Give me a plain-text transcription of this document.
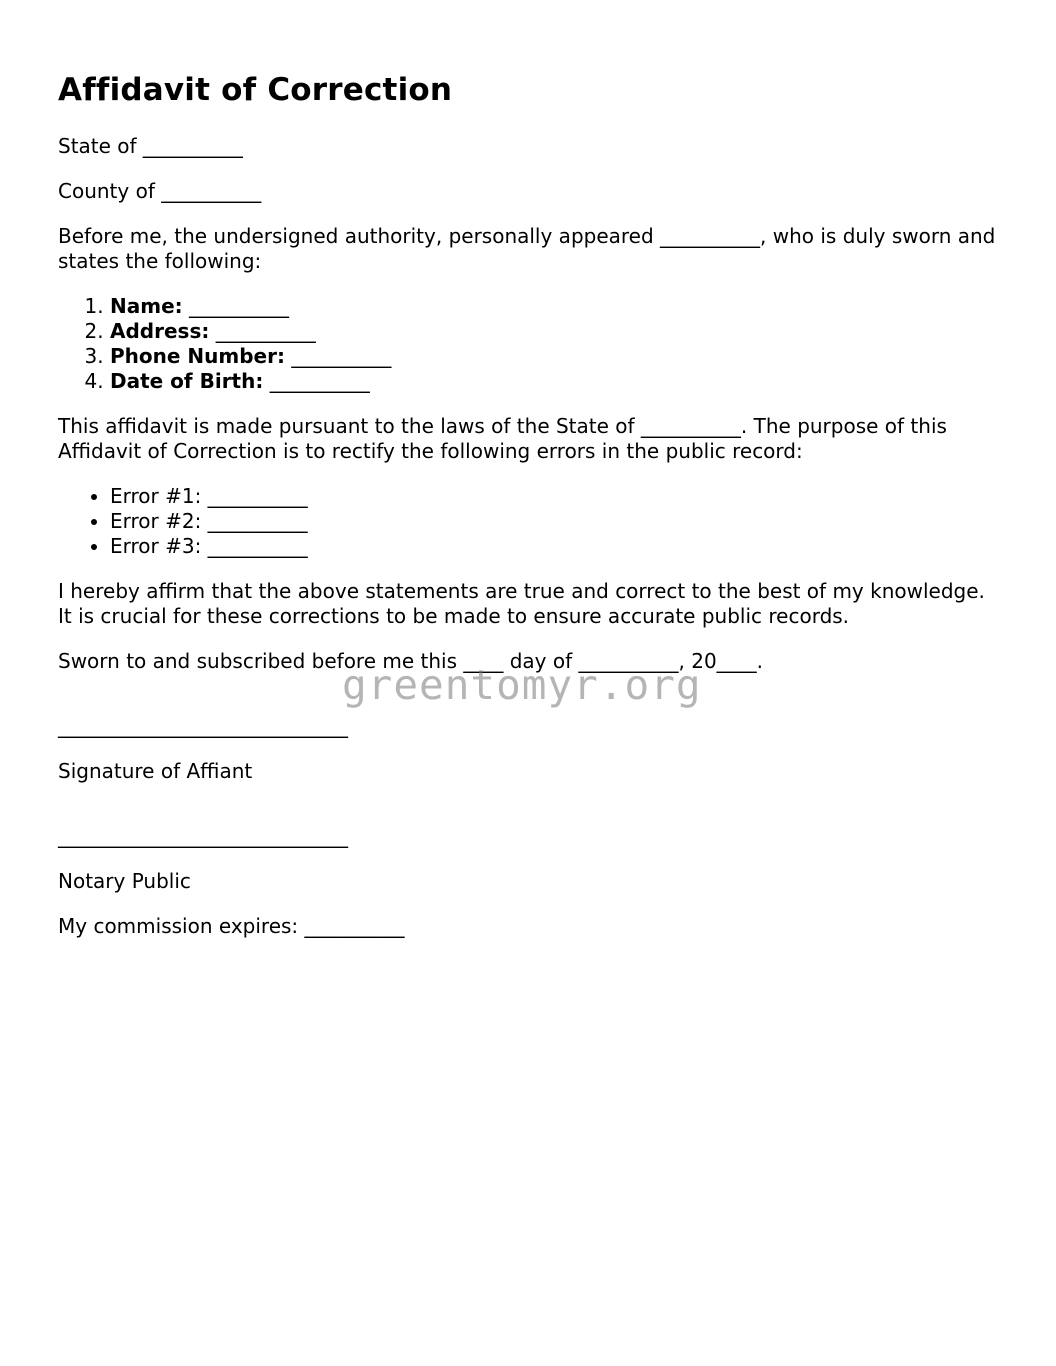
Affidavit of Correction

State of __________

County of __________

Before me, the undersigned authority, personally appeared __________, who is duly sworn and states the following:

1. Name: __________
2. Address: __________
3. Phone Number: __________
4. Date of Birth: __________

This affidavit is made pursuant to the laws of the State of __________. The purpose of this Affidavit of Correction is to rectify the following errors in the public record:

• Error #1: __________
• Error #2: __________
• Error #3: __________

I hereby affirm that the above statements are true and correct to the best of my knowledge. It is crucial for these corrections to be made to ensure accurate public records.

Sworn to and subscribed before me this ____ day of __________, 20____.

_____________________________

Signature of Affiant

_____________________________

Notary Public

My commission expires: __________

greentomyr.org
